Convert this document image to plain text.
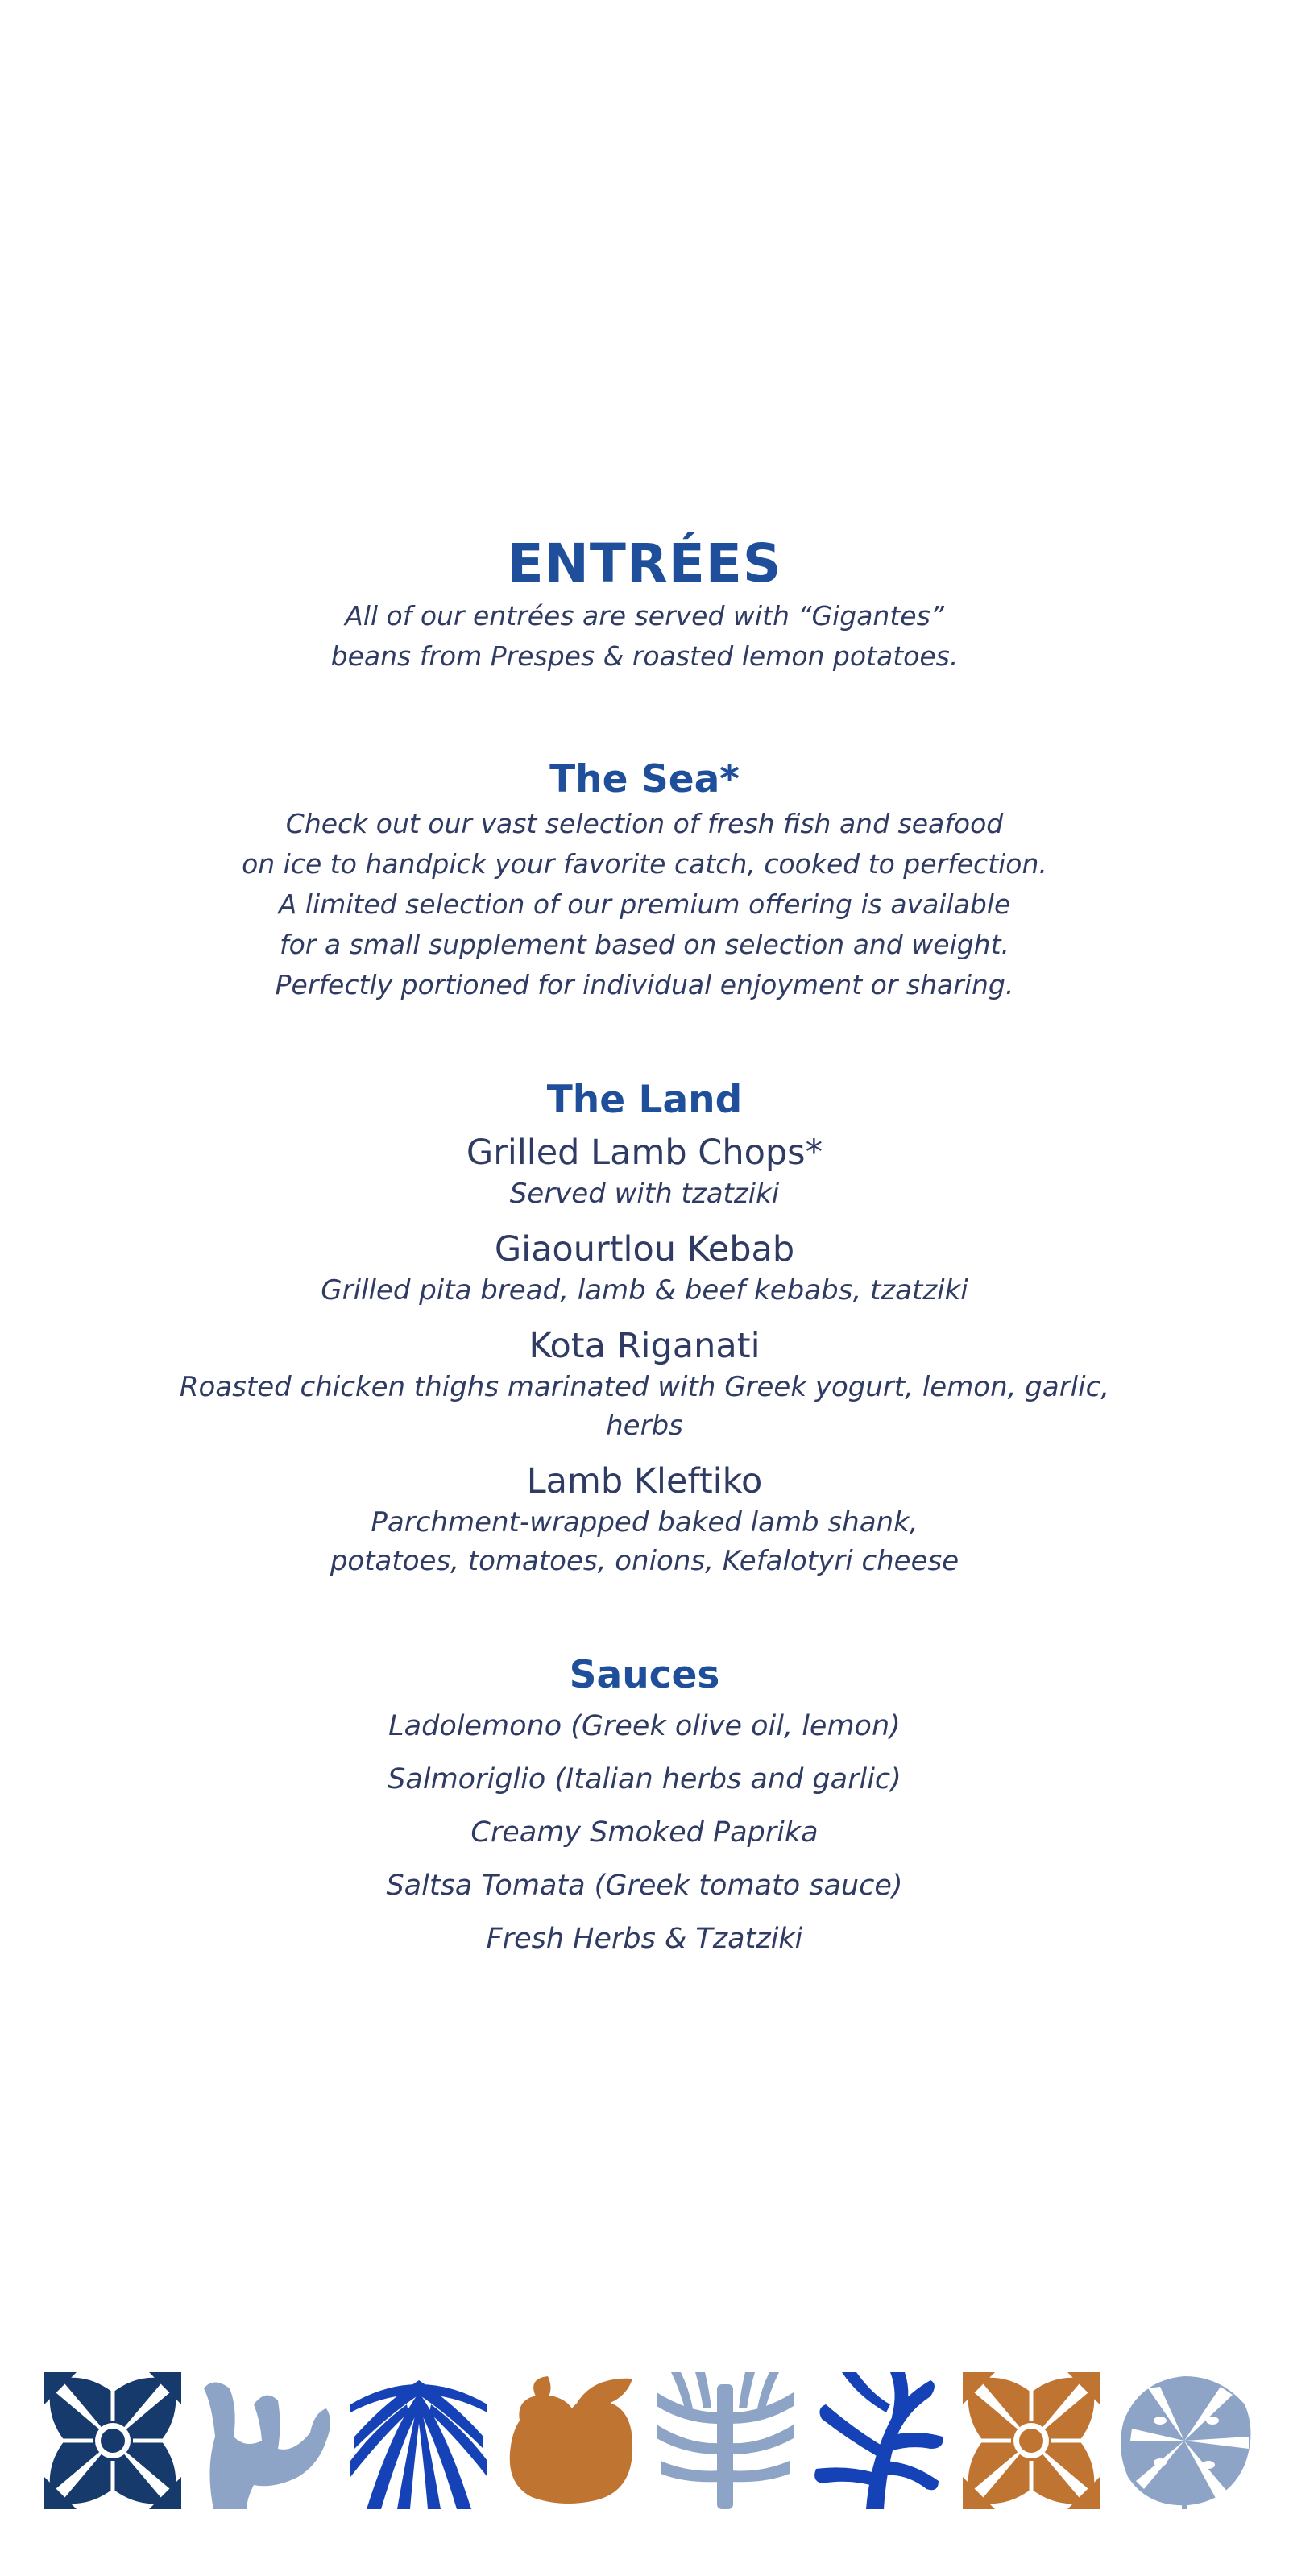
ENTRÉES

All of our entrées are served with “Gigantes”
beans from Prespes & roasted lemon potatoes.

The Sea*
Check out our vast selection of fresh fish and seafood
on ice to handpick your favorite catch, cooked to perfection.
A limited selection of our premium offering is available
for a small supplement based on selection and weight.
Perfectly portioned for individual enjoyment or sharing.
The Land
Grilled Lamb Chops*
Served with tzatziki
Giaourtlou Kebab
Grilled pita bread, lamb & beef kebabs, tzatziki
Kota Riganati
Roasted chicken thighs marinated with Greek yogurt, lemon, garlic,
herbs
Lamb Kleftiko
Parchment-wrapped baked lamb shank,
potatoes, tomatoes, onions, Kefalotyri cheese
Sauces
Ladolemono (Greek olive oil, lemon)
Salmoriglio (Italian herbs and garlic)
Creamy Smoked Paprika
Saltsa Tomata (Greek tomato sauce)
Fresh Herbs & Tzatziki
